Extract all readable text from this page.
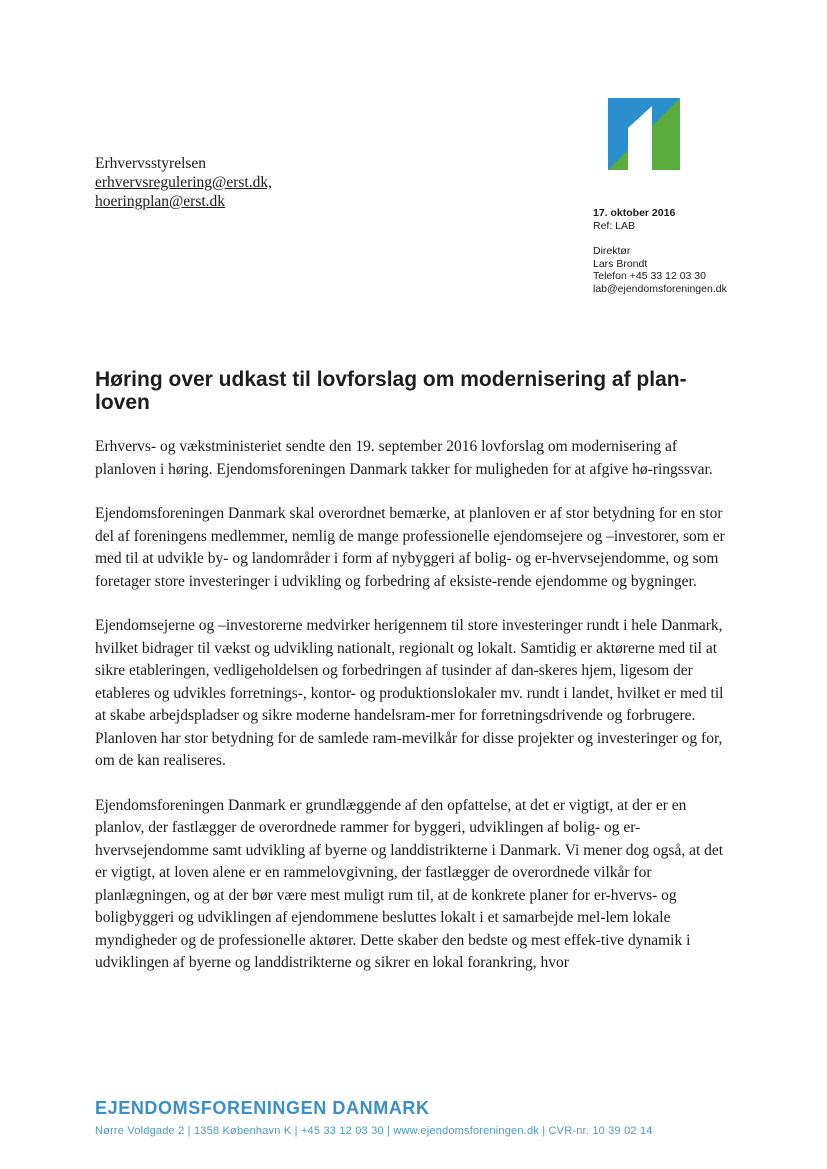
Erhvervsstyrelsen
erhvervsregulering@erst.dk,
hoeringplan@erst.dk
17. oktober 2016
Ref: LAB
Direktør
Lars Brondt
Telefon +45 33 12 03 30
lab@ejendomsforeningen.dk
Høring over udkast til lovforslag om modernisering af plan-loven

Erhvervs- og vækstministeriet sendte den 19. september 2016 lovforslag om modernisering af planloven i høring. Ejendomsforeningen Danmark takker for muligheden for at afgive hø-ringssvar.

Ejendomsforeningen Danmark skal overordnet bemærke, at planloven er af stor betydning for en stor del af foreningens medlemmer, nemlig de mange professionelle ejendomsejere og –investorer, som er med til at udvikle by- og landområder i form af nybyggeri af bolig- og er-hvervsejendomme, og som foretager store investeringer i udvikling og forbedring af eksiste-rende ejendomme og bygninger.

Ejendomsejerne og –investorerne medvirker herigennem til store investeringer rundt i hele Danmark, hvilket bidrager til vækst og udvikling nationalt, regionalt og lokalt. Samtidig er aktørerne med til at sikre etableringen, vedligeholdelsen og forbedringen af tusinder af dan-skeres hjem, ligesom der etableres og udvikles forretnings-, kontor- og produktionslokaler mv. rundt i landet, hvilket er med til at skabe arbejdspladser og sikre moderne handelsram-mer for forretningsdrivende og forbrugere. Planloven har stor betydning for de samlede ram-mevilkår for disse projekter og investeringer og for, om de kan realiseres.

Ejendomsforeningen Danmark er grundlæggende af den opfattelse, at det er vigtigt, at der er en planlov, der fastlægger de overordnede rammer for byggeri, udviklingen af bolig- og er-hvervsejendomme samt udvikling af byerne og landdistrikterne i Danmark. Vi mener dog også, at det er vigtigt, at loven alene er en rammelovgivning, der fastlægger de overordnede vilkår for planlægningen, og at der bør være mest muligt rum til, at de konkrete planer for er-hvervs- og boligbyggeri og udviklingen af ejendommene besluttes lokalt i et samarbejde mel-lem lokale myndigheder og de professionelle aktører. Dette skaber den bedste og mest effek-tive dynamik i udviklingen af byerne og landdistrikterne og sikrer en lokal forankring, hvor

EJENDOMSFORENINGEN DANMARK
Nørre Voldgade 2 | 1358 København K | +45 33 12 03 30 | www.ejendomsforeningen.dk | CVR-nr. 10 39 02 14
